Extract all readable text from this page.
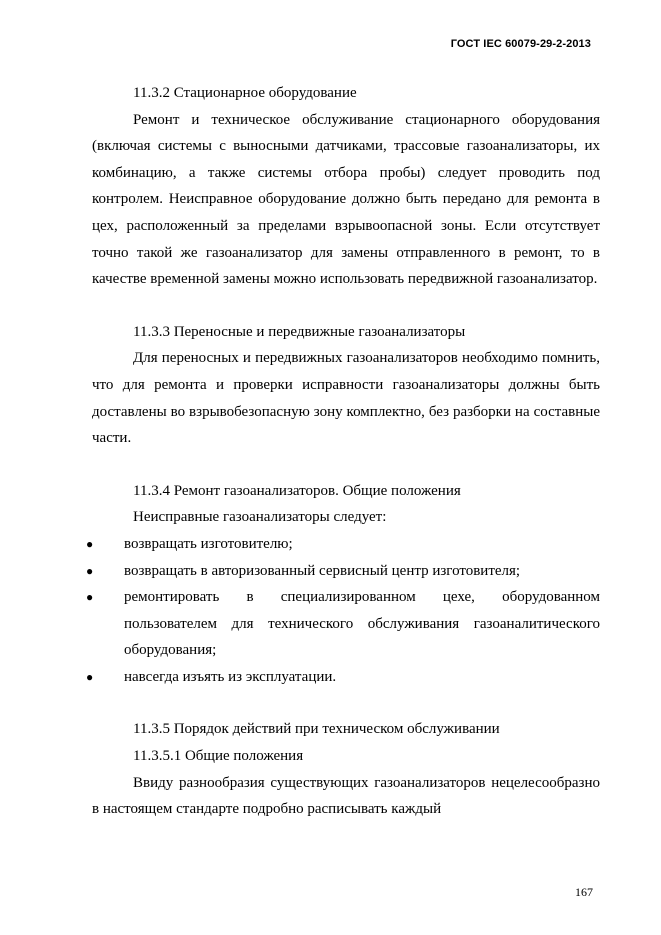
ГОСТ IEC 60079-29-2-2013

11.3.2 Стационарное оборудование

Ремонт и техническое обслуживание стационарного оборудования (включая системы с выносными датчиками, трассовые газоанализаторы, их комбинацию, а также системы отбора пробы) следует проводить под контролем. Неисправное оборудование должно быть передано для ремонта в цех, расположенный за пределами взрывоопасной зоны. Если отсутствует точно такой же газоанализатор для замены отправленного в ремонт, то в качестве временной замены можно использовать передвижной газоанализатор.

11.3.3 Переносные и передвижные газоанализаторы

Для переносных и передвижных газоанализаторов необходимо помнить, что для ремонта и проверки исправности газоанализаторы должны быть доставлены во взрывобезопасную зону комплектно, без разборки на составные части.

11.3.4 Ремонт газоанализаторов. Общие положения

Неисправные газоанализаторы следует:

● возвращать изготовителю;
● возвращать в авторизованный сервисный центр изготовителя;
● ремонтировать в специализированном цехе, оборудованном пользователем для технического обслуживания газоаналитического оборудования;
● навсегда изъять из эксплуатации.

11.3.5 Порядок действий при техническом обслуживании

11.3.5.1 Общие положения

Ввиду разнообразия существующих газоанализаторов нецелесообразно в настоящем стандарте подробно расписывать каждый

167
